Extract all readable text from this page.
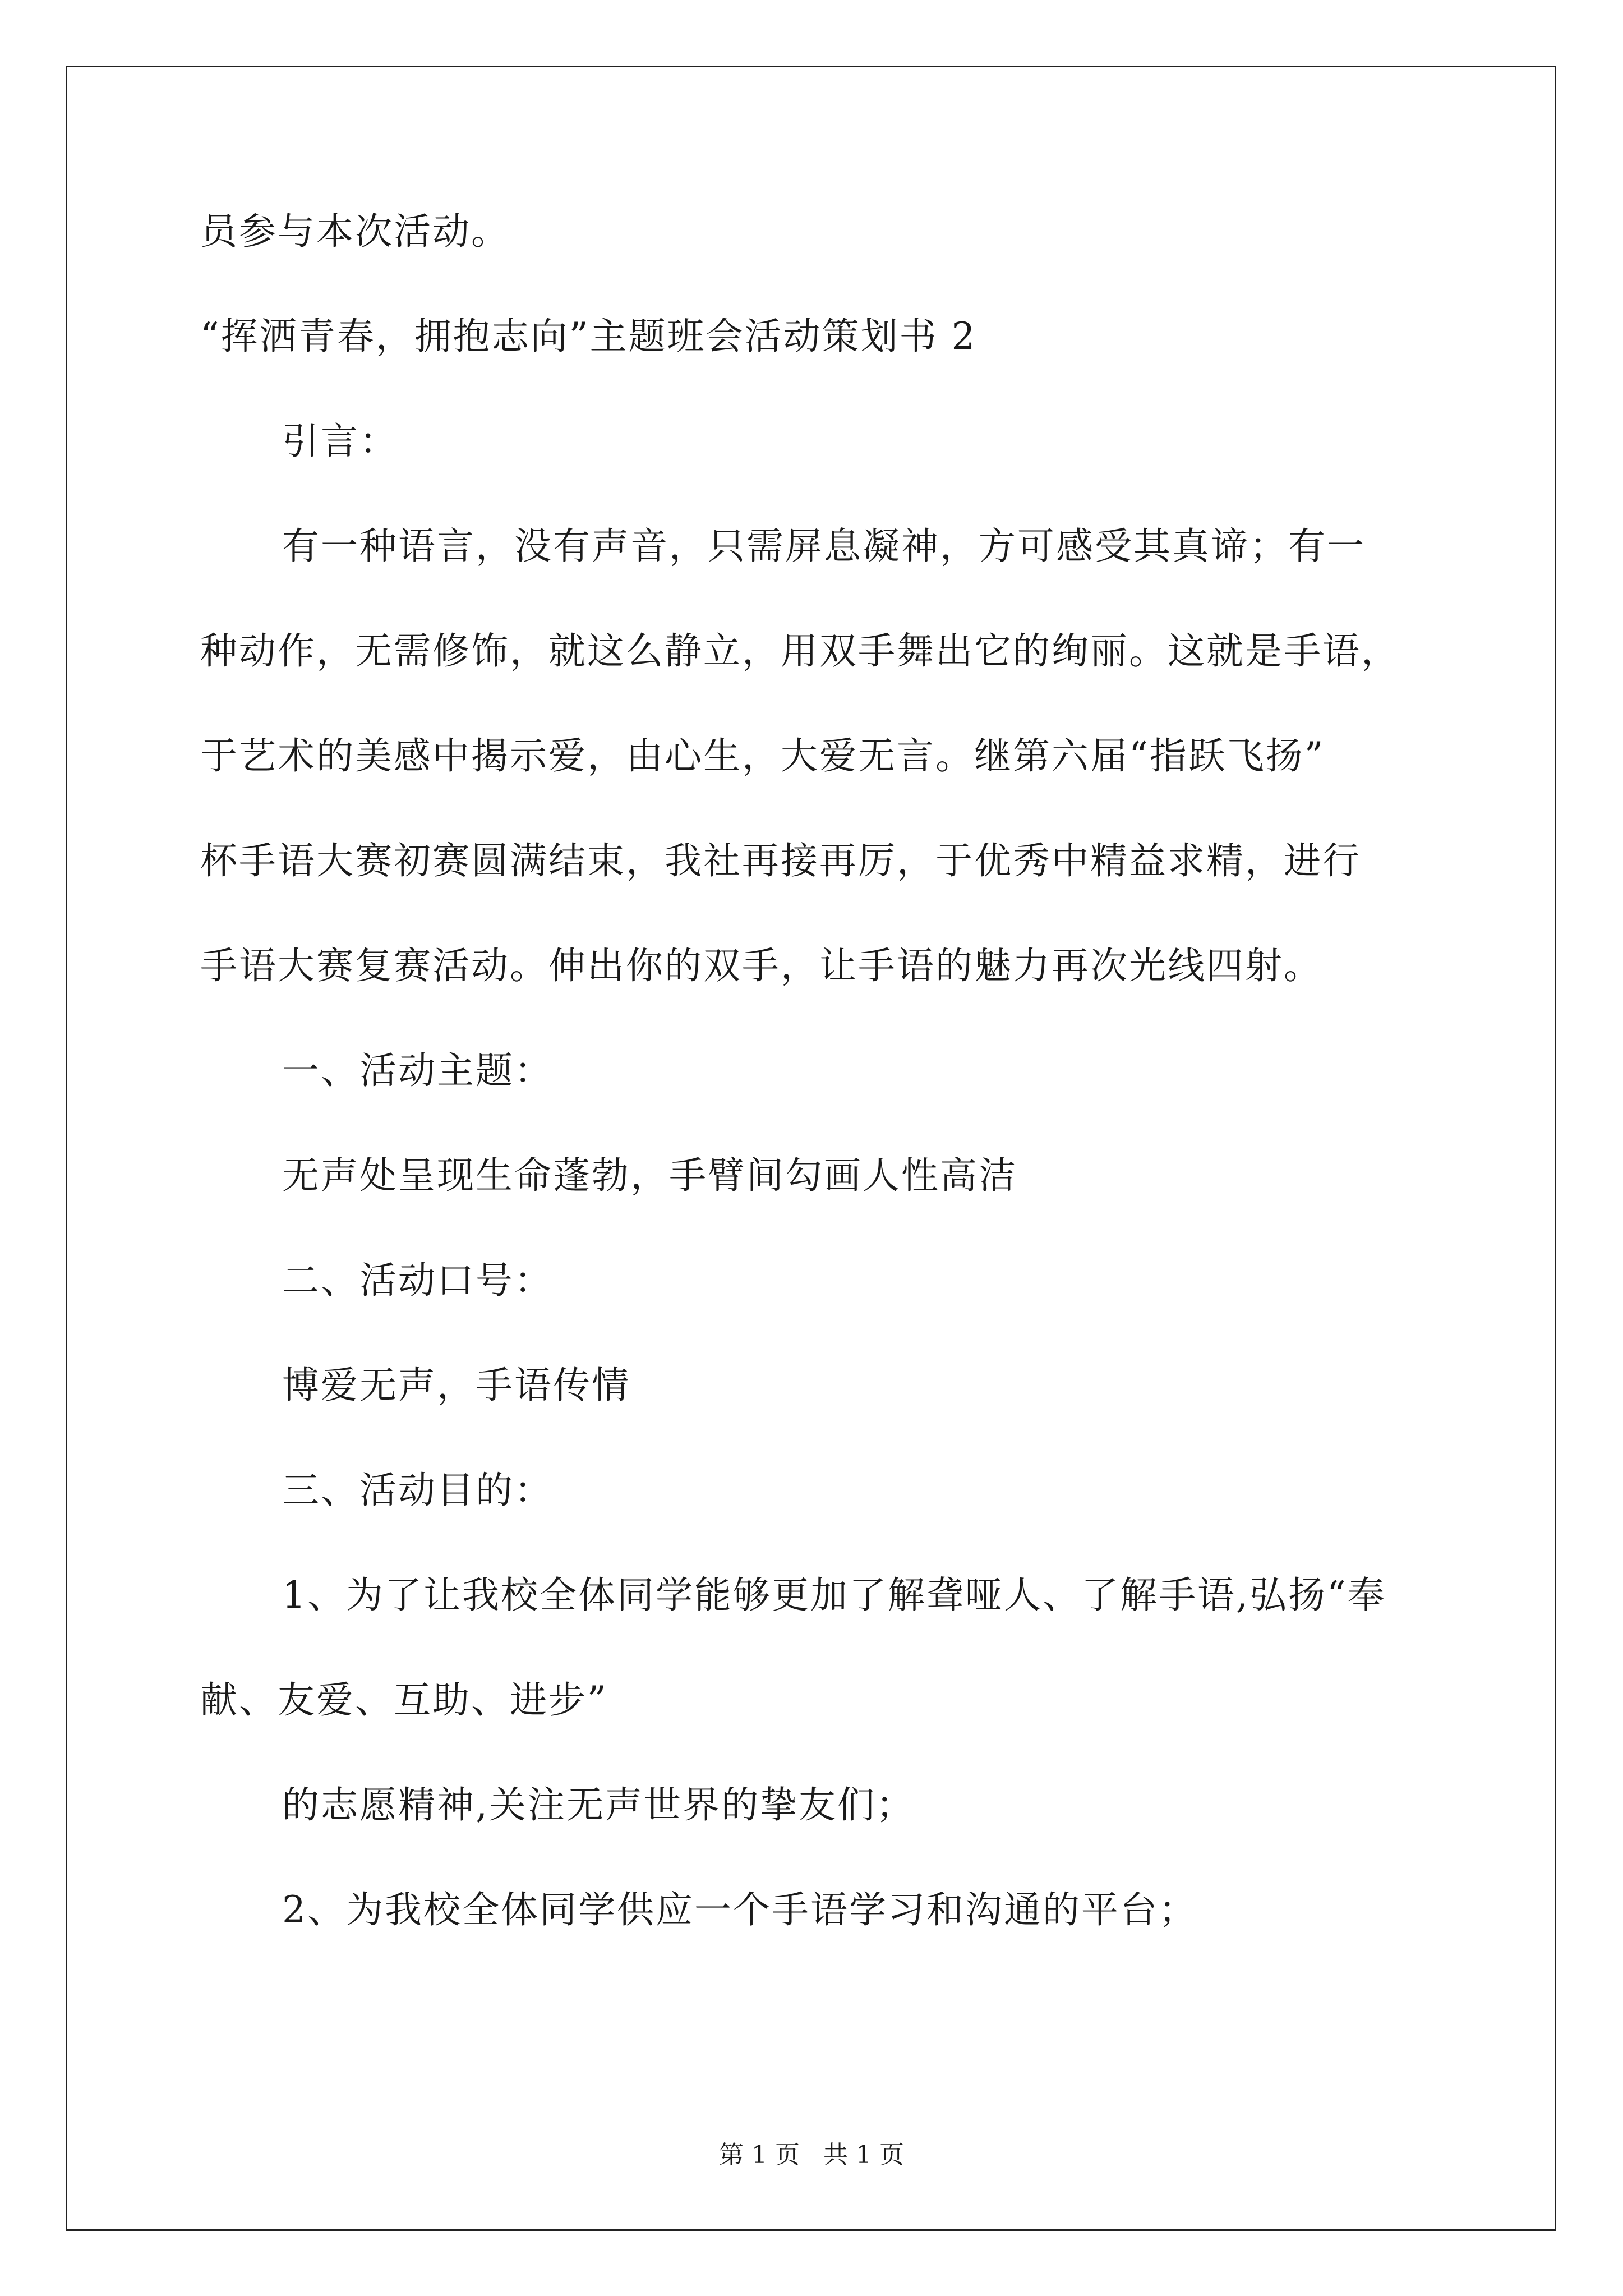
员参与本次活动。
“挥洒青春，拥抱志向”主题班会活动策划书 2
引言：
有一种语言，没有声音，只需屏息凝神，方可感受其真谛；有一
种动作，无需修饰，就这么静立，用双手舞出它的绚丽。这就是手语，
于艺术的美感中揭示爱，由心生，大爱无言。继第六届“指跃飞扬”
杯手语大赛初赛圆满结束，我社再接再厉，于优秀中精益求精，进行
手语大赛复赛活动。伸出你的双手，让手语的魅力再次光线四射。
一、活动主题：
无声处呈现生命蓬勃，手臂间勾画人性高洁
二、活动口号：
博爱无声，手语传情
三、活动目的：
1、为了让我校全体同学能够更加了解聋哑人、了解手语,弘扬“奉
献、友爱、互助、进步”
的志愿精神,关注无声世界的挚友们；
2、为我校全体同学供应一个手语学习和沟通的平台；
第 1 页   共 1 页
